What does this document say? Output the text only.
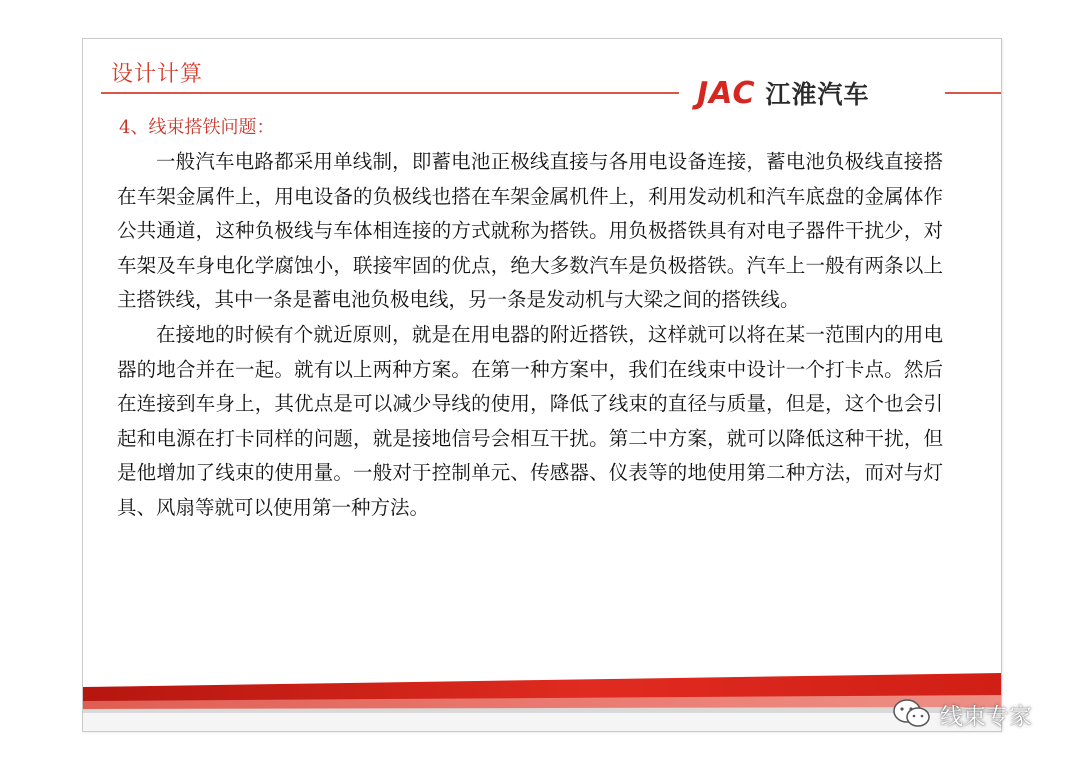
设计计算
JAC 江淮汽车
4、线束搭铁问题：

一般汽车电路都采用单线制，即蓄电池正极线直接与各用电设备连接，蓄电池负极线直接搭在车架金属件上，用电设备的负极线也搭在车架金属机件上，利用发动机和汽车底盘的金属体作公共通道，这种负极线与车体相连接的方式就称为搭铁。用负极搭铁具有对电子器件干扰少，对车架及车身电化学腐蚀小，联接牢固的优点，绝大多数汽车是负极搭铁。汽车上一般有两条以上主搭铁线，其中一条是蓄电池负极电线，另一条是发动机与大梁之间的搭铁线。

在接地的时候有个就近原则，就是在用电器的附近搭铁，这样就可以将在某一范围内的用电器的地合并在一起。就有以上两种方案。在第一种方案中，我们在线束中设计一个打卡点。然后在连接到车身上，其优点是可以减少导线的使用，降低了线束的直径与质量，但是，这个也会引起和电源在打卡同样的问题，就是接地信号会相互干扰。第二中方案，就可以降低这种干扰，但是他增加了线束的使用量。一般对于控制单元、传感器、仪表等的地使用第二种方法，而对与灯具、风扇等就可以使用第一种方法。

线束专家
